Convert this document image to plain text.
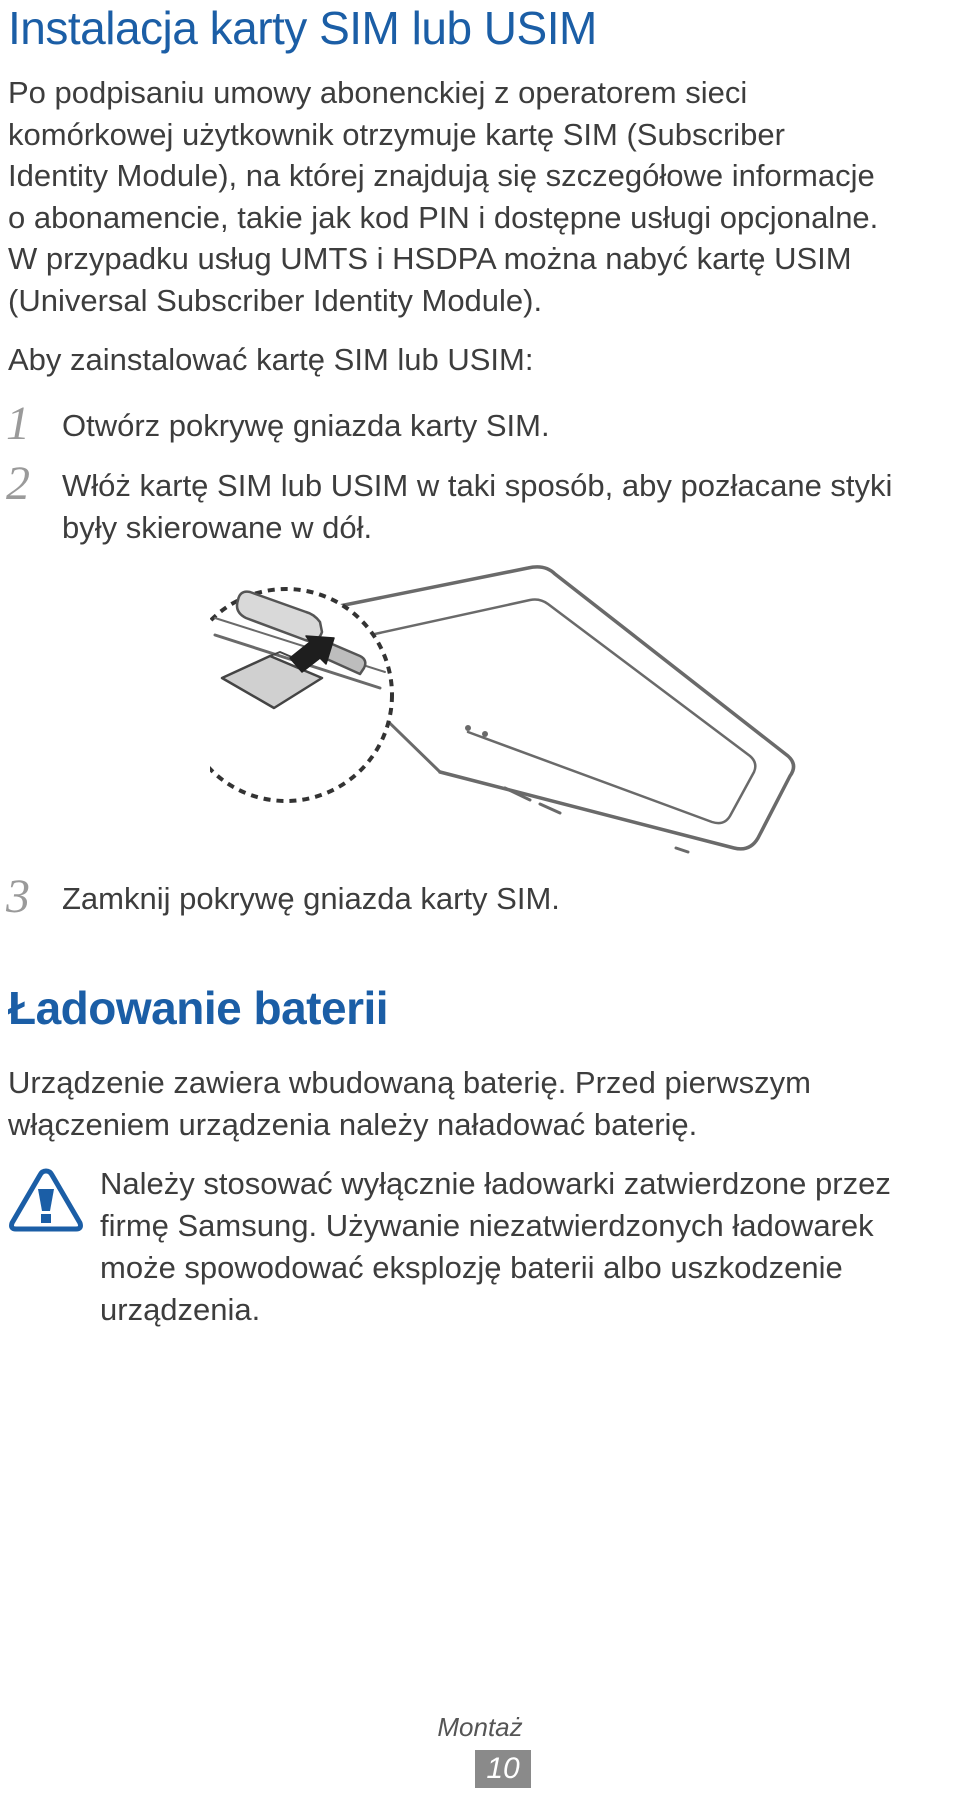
Instalacja karty SIM lub USIM
Po podpisaniu umowy abonenckiej z operatorem sieci
komórkowej użytkownik otrzymuje kartę SIM (Subscriber
Identity Module), na której znajdują się szczegółowe informacje
o abonamencie, takie jak kod PIN i dostępne usługi opcjonalne.
W przypadku usług UMTS i HSDPA można nabyć kartę USIM
(Universal Subscriber Identity Module).
Aby zainstalować kartę SIM lub USIM:
1 Otwórz pokrywę gniazda karty SIM.
2 Włóż kartę SIM lub USIM w taki sposób, aby pozłacane styki
były skierowane w dół.
3 Zamknij pokrywę gniazda karty SIM.
Ładowanie baterii
Urządzenie zawiera wbudowaną baterię. Przed pierwszym
włączeniem urządzenia należy naładować baterię.
Należy stosować wyłącznie ładowarki zatwierdzone przez
firmę Samsung. Używanie niezatwierdzonych ładowarek
może spowodować eksplozję baterii albo uszkodzenie
urządzenia.
Montaż
10
